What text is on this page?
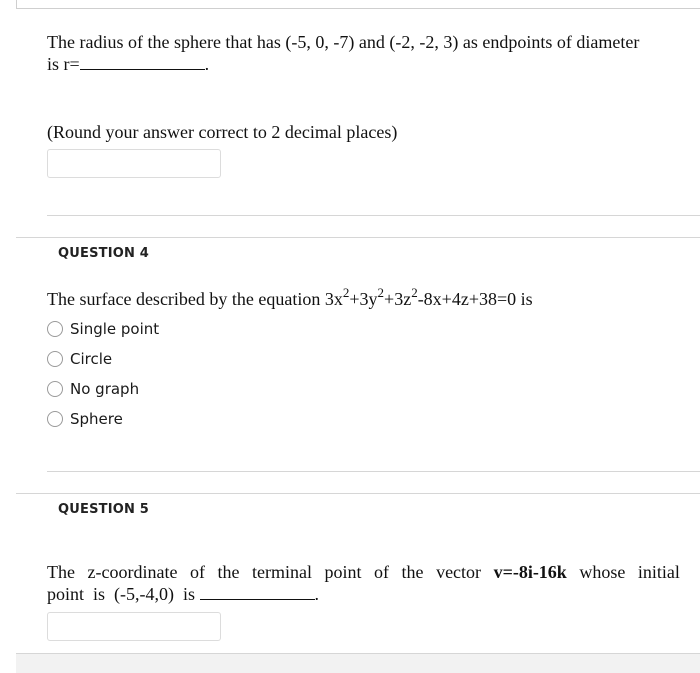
The radius of the sphere that has (-5, 0, -7) and (-2, -2, 3) as endpoints of diameter
is r=	.
(Round your answer correct to 2 decimal places)
QUESTION 4
The surface described by the equation $3x^2+3y^2+3z^2-8x+4z+38=0$ is
Single point
Circle
No graph
Sphere
QUESTION 5
The z-coordinate of the terminal point of the vector v=-8i-16k whose initial
point  is  (-5,-4,0)  is	.
